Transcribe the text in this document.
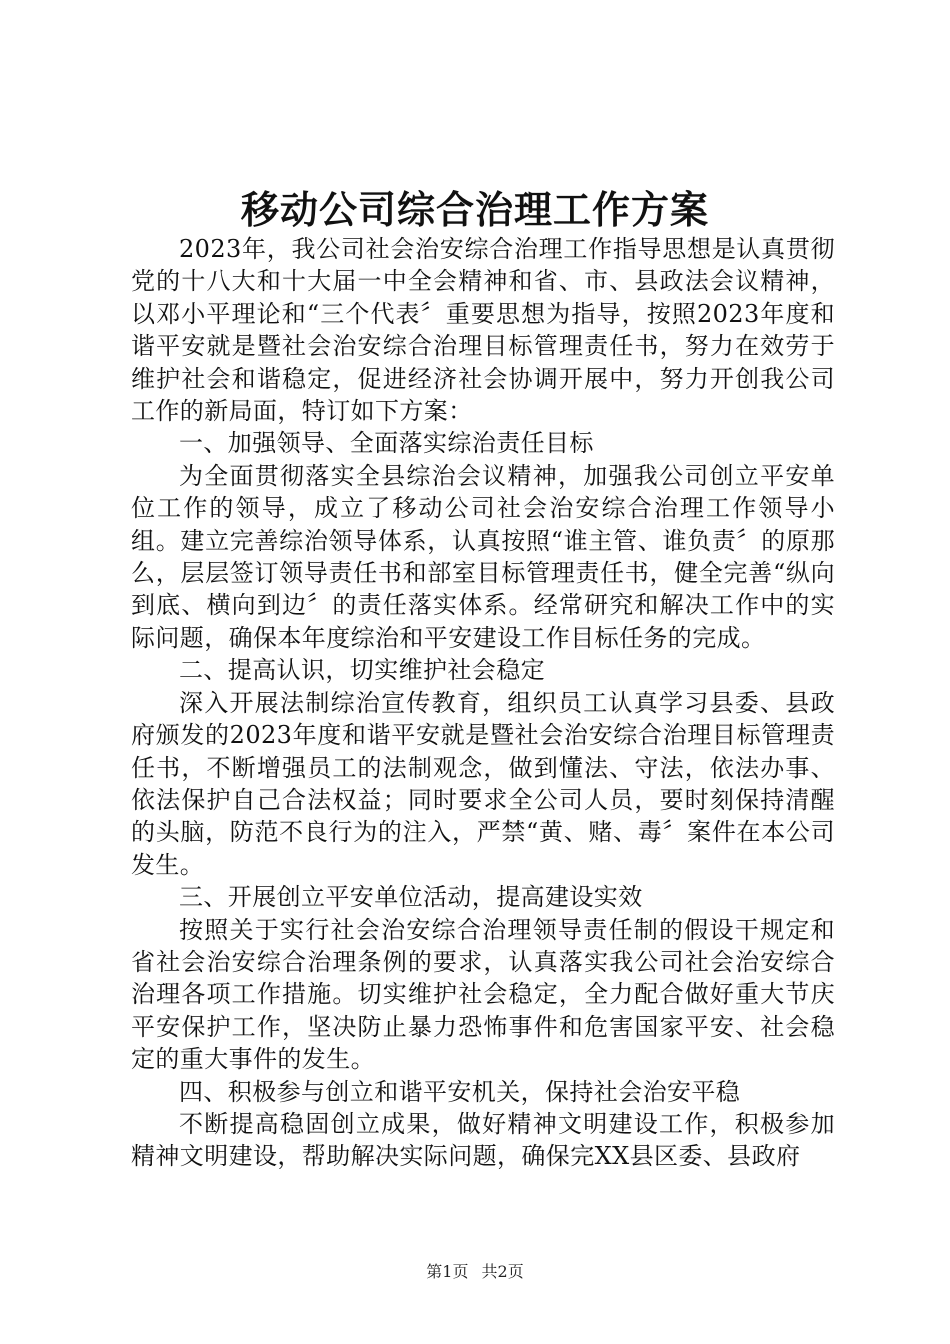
移动公司综合治理工作方案

2023年，我公司社会治安综合治理工作指导思想是认真贯彻党的十八大和十大届一中全会精神和省、市、县政法会议精神，以邓小平理论和“三个代表〞重要思想为指导，按照2023年度和谐平安就是暨社会治安综合治理目标管理责任书，努力在效劳于维护社会和谐稳定，促进经济社会协调开展中，努力开创我公司工作的新局面，特订如下方案：

一、加强领导、全面落实综治责任目标

为全面贯彻落实全县综治会议精神，加强我公司创立平安单位工作的领导，成立了移动公司社会治安综合治理工作领导小组。建立完善综治领导体系，认真按照“谁主管、谁负责〞的原那么，层层签订领导责任书和部室目标管理责任书，健全完善“纵向到底、横向到边〞的责任落实体系。经常研究和解决工作中的实际问题，确保本年度综治和平安建设工作目标任务的完成。

二、提高认识，切实维护社会稳定

深入开展法制综治宣传教育，组织员工认真学习县委、县政府颁发的2023年度和谐平安就是暨社会治安综合治理目标管理责任书，不断增强员工的法制观念，做到懂法、守法，依法办事、依法保护自己合法权益；同时要求全公司人员，要时刻保持清醒的头脑，防范不良行为的注入，严禁“黄、赌、毒〞案件在本公司发生。

三、开展创立平安单位活动，提高建设实效

按照关于实行社会治安综合治理领导责任制的假设干规定和省社会治安综合治理条例的要求，认真落实我公司社会治安综合治理各项工作措施。切实维护社会稳定，全力配合做好重大节庆平安保护工作，坚决防止暴力恐怖事件和危害国家平安、社会稳定的重大事件的发生。

四、积极参与创立和谐平安机关，保持社会治安平稳

不断提高稳固创立成果，做好精神文明建设工作，积极参加精神文明建设，帮助解决实际问题，确保完XX县区委、县政府

第1页 共2页
